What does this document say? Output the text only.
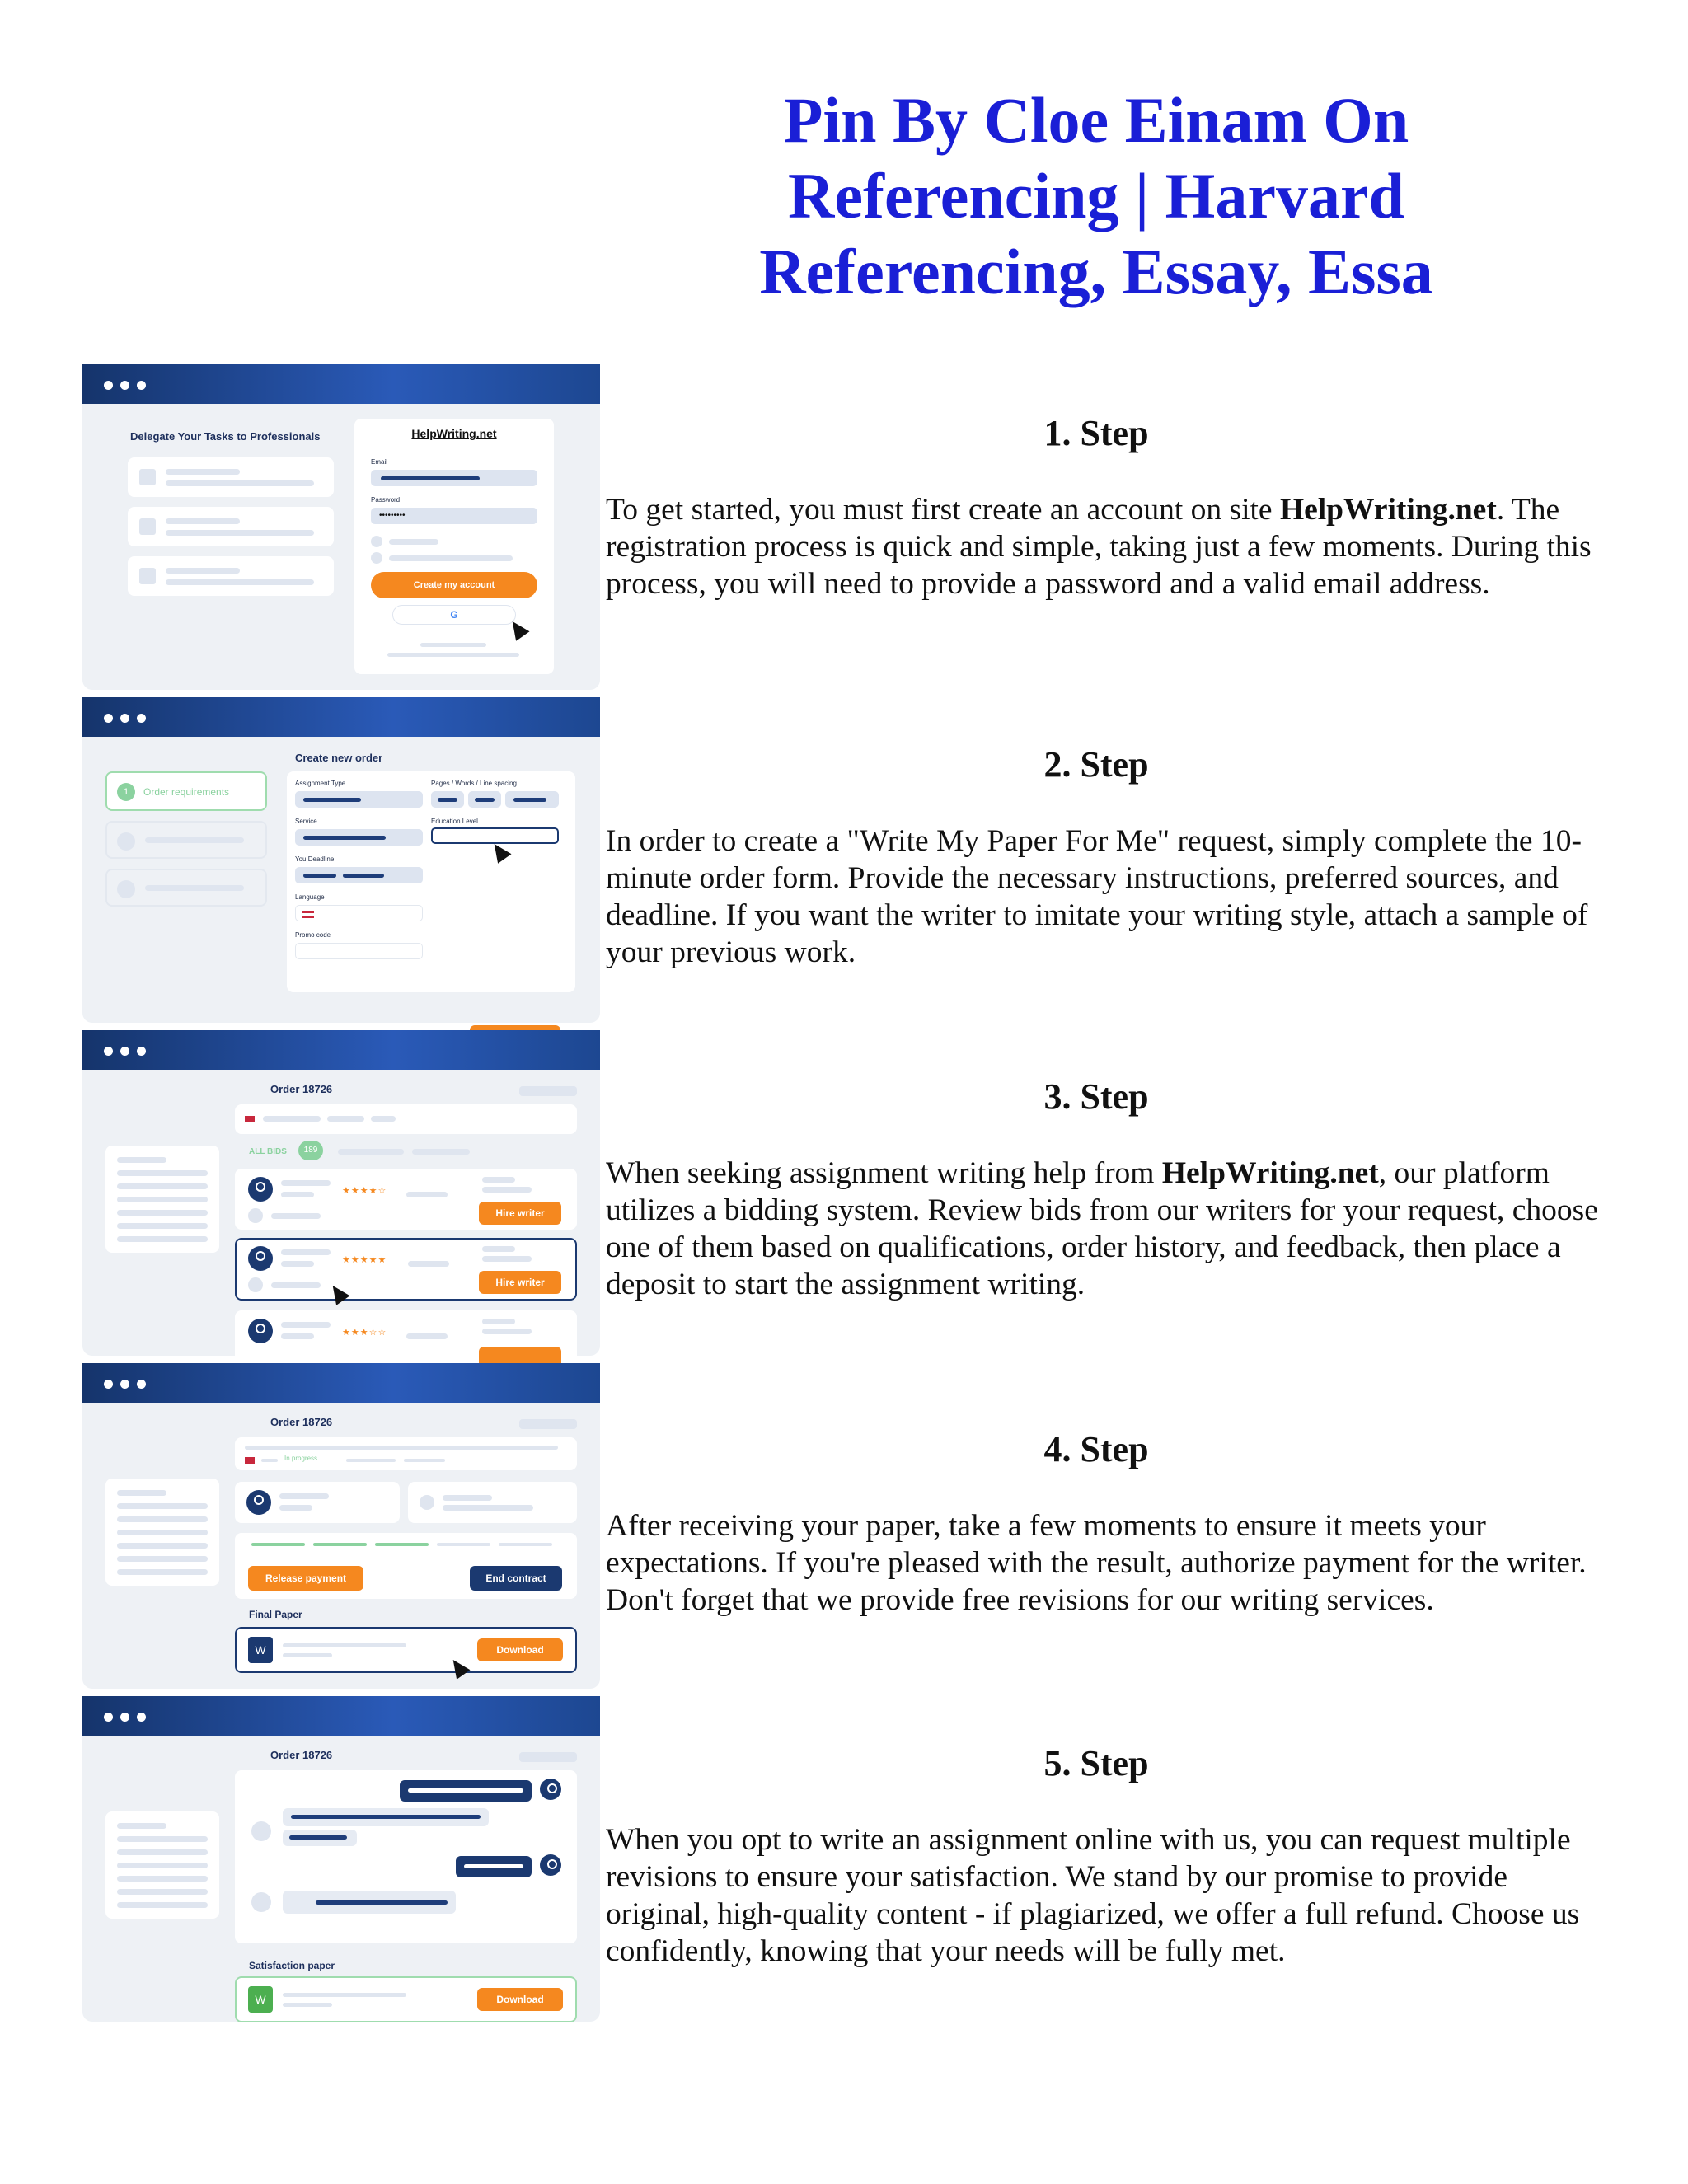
Pin By Cloe Einam On Referencing | Harvard Referencing, Essay, Essa
1. Step

To get started, you must first create an account on site HelpWriting.net. The registration process is quick and simple, taking just a few moments. During this process, you will need to provide a password and a valid email address.

2. Step

In order to create a "Write My Paper For Me" request, simply complete the 10-minute order form. Provide the necessary instructions, preferred sources, and deadline. If you want the writer to imitate your writing style, attach a sample of your previous work.

3. Step

When seeking assignment writing help from HelpWriting.net, our platform utilizes a bidding system. Review bids from our writers for your request, choose one of them based on qualifications, order history, and feedback, then place a deposit to start the assignment writing.

4. Step

After receiving your paper, take a few moments to ensure it meets your expectations. If you're pleased with the result, authorize payment for the writer. Don't forget that we provide free revisions for our writing services.

5. Step

When you opt to write an assignment online with us, you can request multiple revisions to ensure your satisfaction. We stand by our promise to provide original, high-quality content - if plagiarized, we offer a full refund. Choose us confidently, knowing that your needs will be fully met.

Delegate Your Tasks to Professionals	HelpWriting.net
Email
Password
•••••••••
Create my account
G
1	Order requirements
Create new order
Assignment Type	Pages / Words / Line spacing
Service	Education Level
You Deadline
Language
Promo code
Order 18726
ALL BIDS	189
★★★★☆
Hire writer
★★★★★
Hire writer
★★★☆☆
Order 18726
In progress
Release payment	End contract
Final Paper
W	Download
Order 18726
Satisfaction paper
W	Download
